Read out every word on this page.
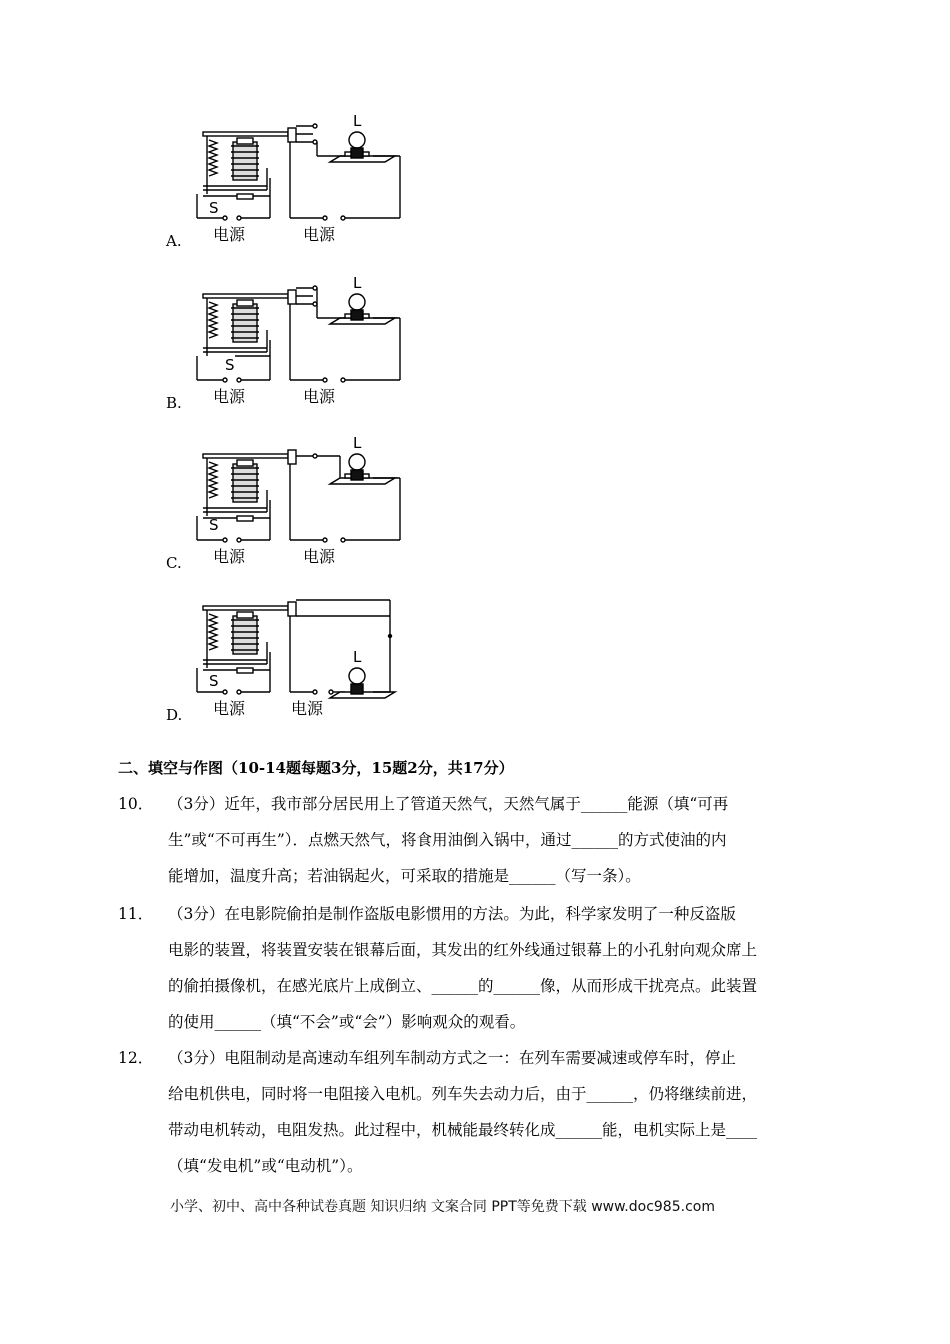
A.
L
S
电源	电源
B.
L
S
电源	电源
C.
L
S
电源	电源
D.
L
S
电源	电源
二、填空与作图（10-14题每题3分，15题2分，共17分）
10． （3分）近年，我市部分居民用上了管道天然气，天然气属于______能源（填“可再
生”或“不可再生”）．点燃天然气，将食用油倒入锅中，通过______的方式使油的内
能增加，温度升高；若油锅起火，可采取的措施是______（写一条）。
11． （3分）在电影院偷拍是制作盗版电影惯用的方法。为此，科学家发明了一种反盗版
电影的装置，将装置安装在银幕后面，其发出的红外线通过银幕上的小孔射向观众席上
的偷拍摄像机，在感光底片上成倒立、______的______像，从而形成干扰亮点。此装置
的使用______（填“不会”或“会”）影响观众的观看。
12． （3分）电阻制动是高速动车组列车制动方式之一：在列车需要减速或停车时，停止
给电机供电，同时将一电阻接入电机。列车失去动力后，由于______，仍将继续前进，
带动电机转动，电阻发热。此过程中，机械能最终转化成______能，电机实际上是____
（填“发电机”或“电动机”）。
小学、初中、高中各种试卷真题 知识归纳 文案合同 PPT等免费下载 www.doc985.com
